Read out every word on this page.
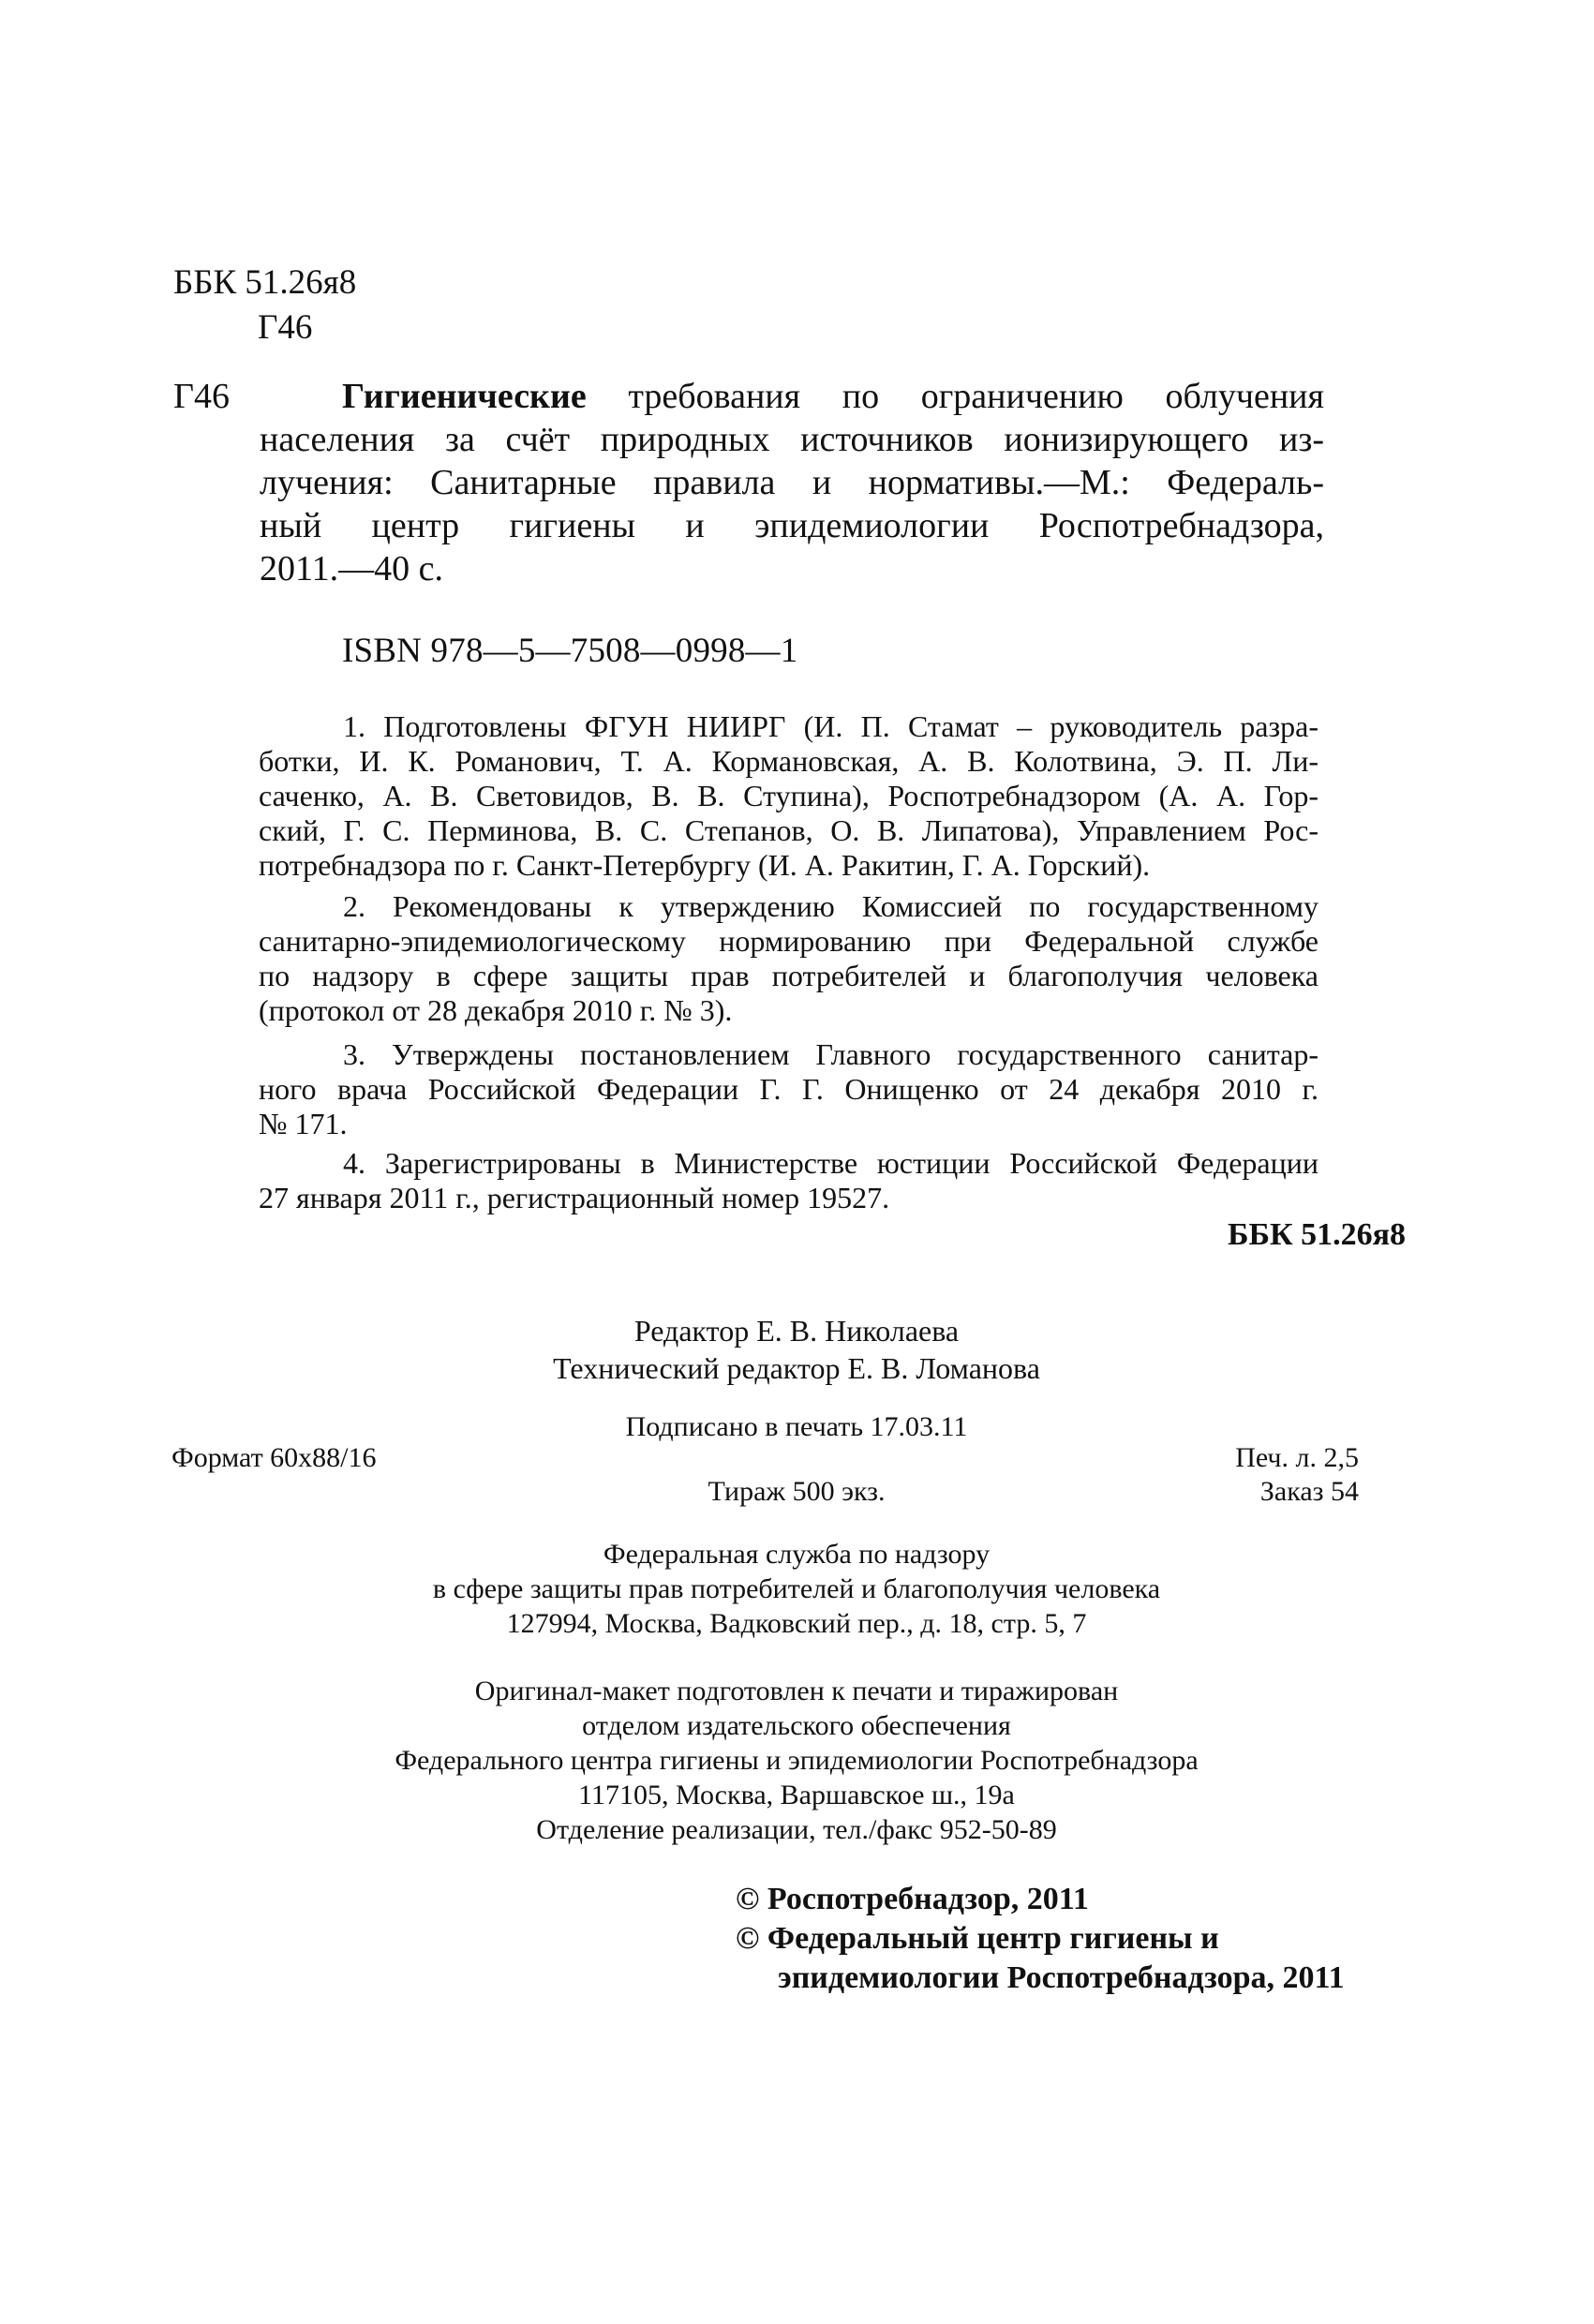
ББК 51.26я8
Г46
Г46	Гигиенические требования по ограничению облучения
населения за счёт природных источников ионизирующего из-
лучения: Санитарные правила и нормативы.—М.: Федераль-
ный центр гигиены и эпидемиологии Роспотребнадзора,
2011.—40 с.
ISBN 978—5—7508—0998—1
1. Подготовлены ФГУН НИИРГ (И. П. Стамат – руководитель разра-
ботки, И. К. Романович, Т. А. Кормановская, А. В. Колотвина, Э. П. Ли-
саченко, А. В. Световидов, В. В. Ступина), Роспотребнадзором (А. А. Гор-
ский, Г. С. Перминова, В. С. Степанов, О. В. Липатова), Управлением Рос-
потребнадзора по г. Санкт-Петербургу (И. А. Ракитин, Г. А. Горский).
2. Рекомендованы к утверждению Комиссией по государственному
санитарно-эпидемиологическому нормированию при Федеральной службе
по надзору в сфере защиты прав потребителей и благополучия человека
(протокол от 28 декабря 2010 г. № 3).
3. Утверждены постановлением Главного государственного санитар-
ного врача Российской Федерации Г. Г. Онищенко от 24 декабря 2010 г.
№ 171.
4. Зарегистрированы в Министерстве юстиции Российской Федерации
27 января 2011 г., регистрационный номер 19527.
ББК 51.26я8
Редактор Е. В. Николаева
Технический редактор Е. В. Ломанова
Подписано в печать 17.03.11
Формат 60x88/16	Печ. л. 2,5
Тираж 500 экз.	Заказ 54
Федеральная служба по надзору
в сфере защиты прав потребителей и благополучия человека
127994, Москва, Вадковский пер., д. 18, стр. 5, 7
Оригинал-макет подготовлен к печати и тиражирован
отделом издательского обеспечения
Федерального центра гигиены и эпидемиологии Роспотребнадзора
117105, Москва, Варшавское ш., 19а
Отделение реализации, тел./факс 952-50-89
© Роспотребнадзор, 2011
© Федеральный центр гигиены и
эпидемиологии Роспотребнадзора, 2011
